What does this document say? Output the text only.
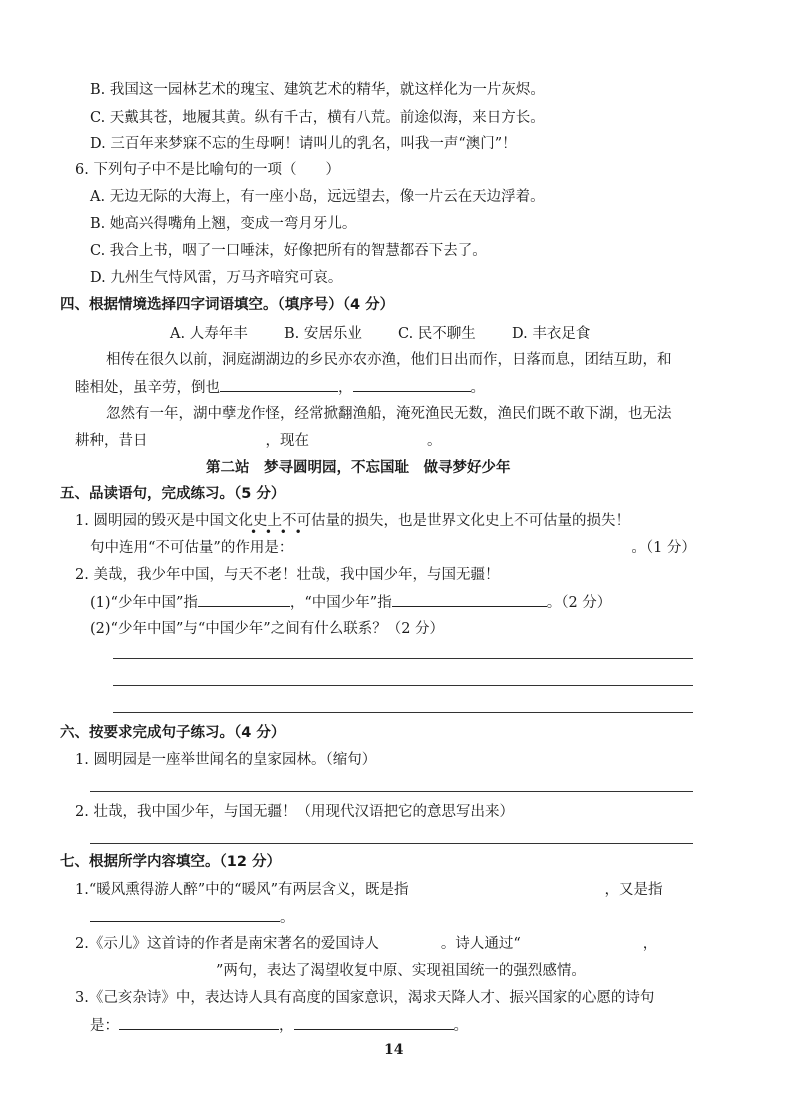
B. 我国这一园林艺术的瑰宝、建筑艺术的精华，就这样化为一片灰烬。
C. 天戴其苍，地履其黄。纵有千古，横有八荒。前途似海，来日方长。
D. 三百年来梦寐不忘的生母啊！请叫儿的乳名，叫我一声“澳门”！
6. 下列句子中不是比喻句的一项（　　）
A. 无边无际的大海上，有一座小岛，远远望去，像一片云在天边浮着。
B. 她高兴得嘴角上翘，变成一弯月牙儿。
C. 我合上书，咽了一口唾沫，好像把所有的智慧都吞下去了。
D. 九州生气恃风雷，万马齐喑究可哀。
四、根据情境选择四字词语填空。（填序号）（4 分）
A. 人寿年丰	B. 安居乐业 C. 民不聊生 D. 丰衣足食
相传在很久以前，洞庭湖湖边的乡民亦农亦渔，他们日出而作，日落而息，团结互助，和
睦相处，虽辛劳，倒也	，	。
忽然有一年，湖中孽龙作怪，经常掀翻渔船，淹死渔民无数，渔民们既不敢下湖，也无法
耕种，昔日	，现在	。
第二站　梦寻圆明园，不忘国耻　做寻梦好少年
五、品读语句，完成练习。（5 分）
1. 圆明园的毁灭是中国文化史上不可估量的损失，也是世界文化史上不可估量的损失！
• • • •
句中连用“不可估量”的作用是：	。（1 分）
2. 美哉，我少年中国，与天不老！壮哉，我中国少年，与国无疆！
(1)“少年中国”指	，“中国少年”指	。（2 分）
(2)“少年中国”与“中国少年”之间有什么联系？（2 分）
六、按要求完成句子练习。（4 分）
1. 圆明园是一座举世闻名的皇家园林。（缩句）
2. 壮哉，我中国少年，与国无疆！（用现代汉语把它的意思写出来）
七、根据所学内容填空。（12 分）
1.“暖风熏得游人醉”中的“暖风”有两层含义，既是指	，又是指
。
2.《示儿》这首诗的作者是南宋著名的爱国诗人	。诗人通过“	，
”两句，表达了渴望收复中原、实现祖国统一的强烈感情。
3.《己亥杂诗》中，表达诗人具有高度的国家意识，渴求天降人才、振兴国家的心愿的诗句
是：	，	。
14
